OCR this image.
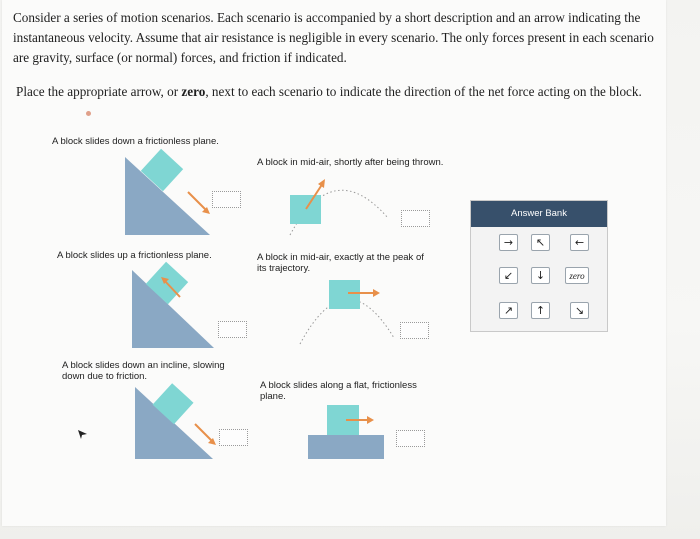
Consider a series of motion scenarios. Each scenario is accompanied by a short description and an arrow indicating the instantaneous velocity. Assume that air resistance is negligible in every scenario. The only forces present in each scenario are gravity, surface (or normal) forces, and friction if indicated.
Place the appropriate arrow, or zero, next to each scenario to indicate the direction of the net force acting on the block.
A block slides down a frictionless plane.
A block in mid-air, shortly after being thrown.
A block slides up a frictionless plane.	A block in mid-air, exactly at the peak of its trajectory.
A block slides down an incline, slowing down due to friction.
A block slides along a flat, frictionless plane.
Answer Bank
→	↖	←
↙	↓	zero
↗	↑	↘
